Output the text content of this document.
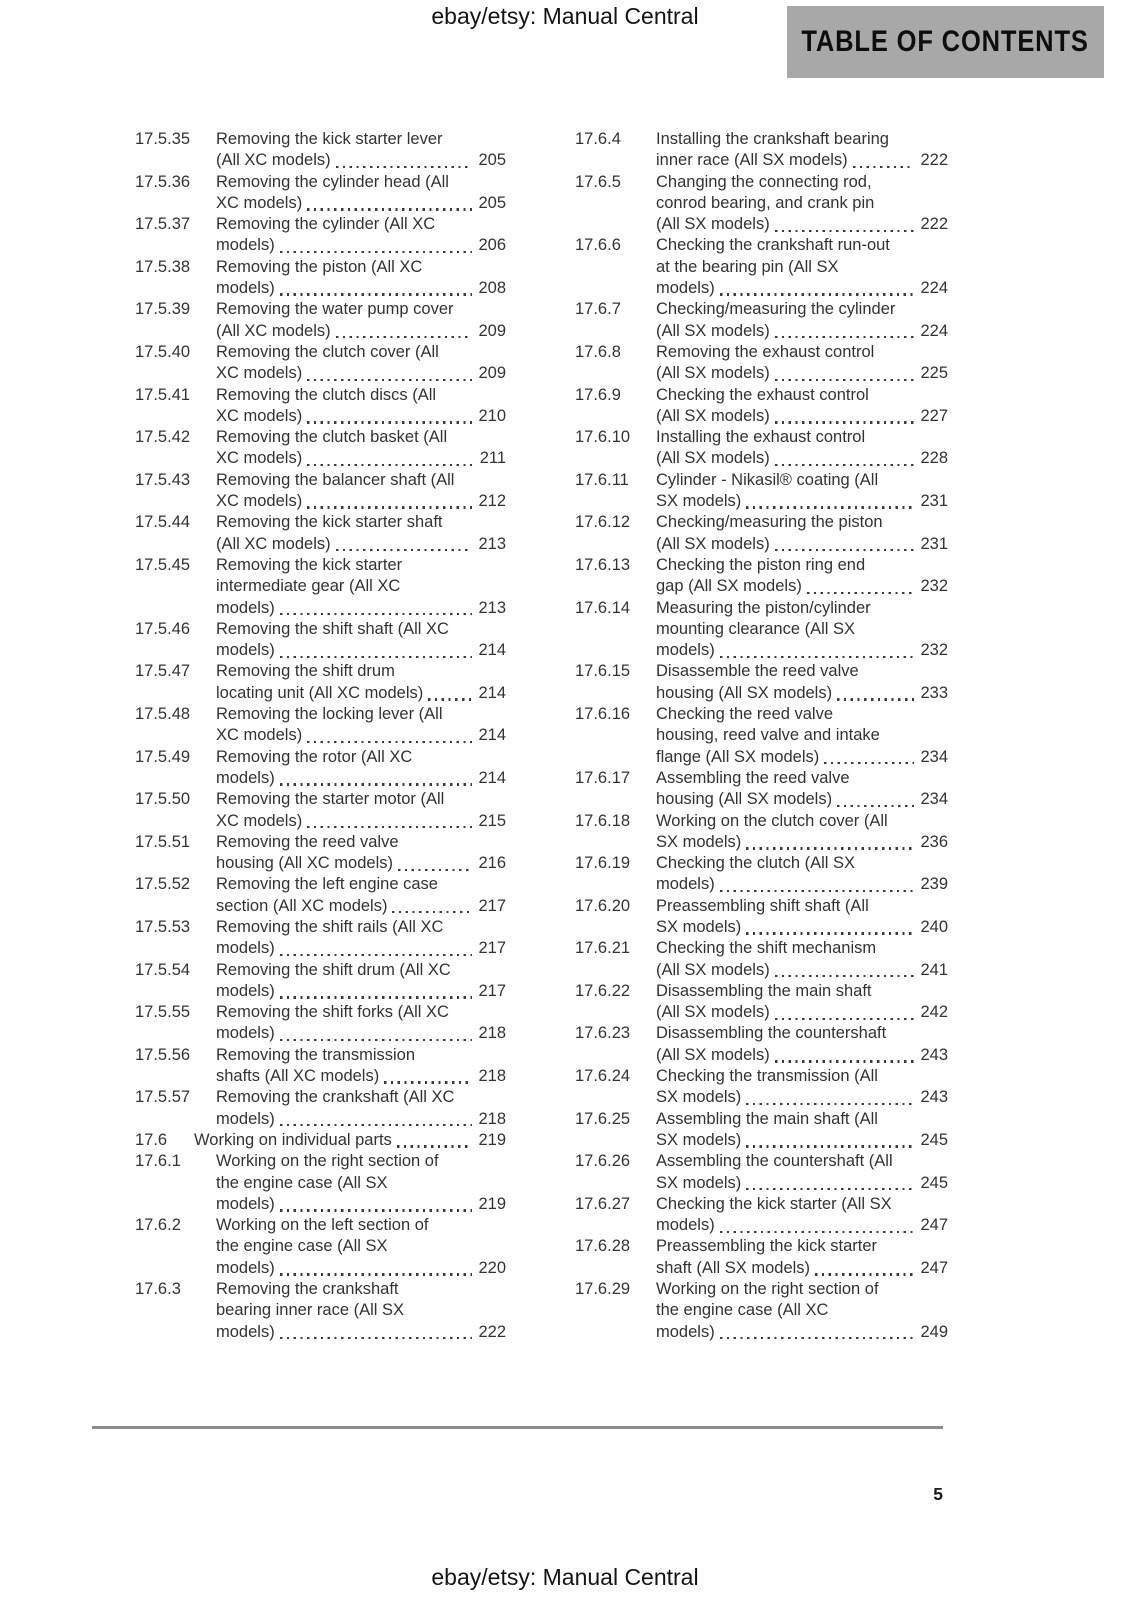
ebay/etsy: Manual Central
TABLE OF CONTENTS
17.5.35	Removing the kick starter lever
(All XC models)	205
17.5.36	Removing the cylinder head (All
XC models)	205
17.5.37	Removing the cylinder (All XC
models)	206
17.5.38	Removing the piston (All XC
models)	208
17.5.39	Removing the water pump cover
(All XC models)	209
17.5.40	Removing the clutch cover (All
XC models)	209
17.5.41	Removing the clutch discs (All
XC models)	210
17.5.42	Removing the clutch basket (All
XC models)	211
17.5.43	Removing the balancer shaft (All
XC models)	212
17.5.44	Removing the kick starter shaft
(All XC models)	213
17.5.45	Removing the kick starter
intermediate gear (All XC
models)	213
17.5.46	Removing the shift shaft (All XC
models)	214
17.5.47	Removing the shift drum
locating unit (All XC models)	214
17.5.48	Removing the locking lever (All
XC models)	214
17.5.49	Removing the rotor (All XC
models)	214
17.5.50	Removing the starter motor (All
XC models)	215
17.5.51	Removing the reed valve
housing (All XC models)	216
17.5.52	Removing the left engine case
section (All XC models)	217
17.5.53	Removing the shift rails (All XC
models)	217
17.5.54	Removing the shift drum (All XC
models)	217
17.5.55	Removing the shift forks (All XC
models)	218
17.5.56	Removing the transmission
shafts (All XC models)	218
17.5.57	Removing the crankshaft (All XC
models)	218
17.6	Working on individual parts	219
17.6.1	Working on the right section of
the engine case (All SX
models)	219
17.6.2	Working on the left section of
the engine case (All SX
models)	220
17.6.3	Removing the crankshaft
bearing inner race (All SX
models)	222
17.6.4	Installing the crankshaft bearing
inner race (All SX models)	222
17.6.5	Changing the connecting rod,
conrod bearing, and crank pin
(All SX models)	222
17.6.6	Checking the crankshaft run-out
at the bearing pin (All SX
models)	224
17.6.7	Checking/measuring the cylinder
(All SX models)	224
17.6.8	Removing the exhaust control
(All SX models)	225
17.6.9	Checking the exhaust control
(All SX models)	227
17.6.10	Installing the exhaust control
(All SX models)	228
17.6.11	Cylinder - Nikasil® coating (All
SX models)	231
17.6.12	Checking/measuring the piston
(All SX models)	231
17.6.13	Checking the piston ring end
gap (All SX models)	232
17.6.14	Measuring the piston/cylinder
mounting clearance (All SX
models)	232
17.6.15	Disassemble the reed valve
housing (All SX models)	233
17.6.16	Checking the reed valve
housing, reed valve and intake
flange (All SX models)	234
17.6.17	Assembling the reed valve
housing (All SX models)	234
17.6.18	Working on the clutch cover (All
SX models)	236
17.6.19	Checking the clutch (All SX
models)	239
17.6.20	Preassembling shift shaft (All
SX models)	240
17.6.21	Checking the shift mechanism
(All SX models)	241
17.6.22	Disassembling the main shaft
(All SX models)	242
17.6.23	Disassembling the countershaft
(All SX models)	243
17.6.24	Checking the transmission (All
SX models)	243
17.6.25	Assembling the main shaft (All
SX models)	245
17.6.26	Assembling the countershaft (All
SX models)	245
17.6.27	Checking the kick starter (All SX
models)	247
17.6.28	Preassembling the kick starter
shaft (All SX models)	247
17.6.29	Working on the right section of
the engine case (All XC
models)	249
5
ebay/etsy: Manual Central
